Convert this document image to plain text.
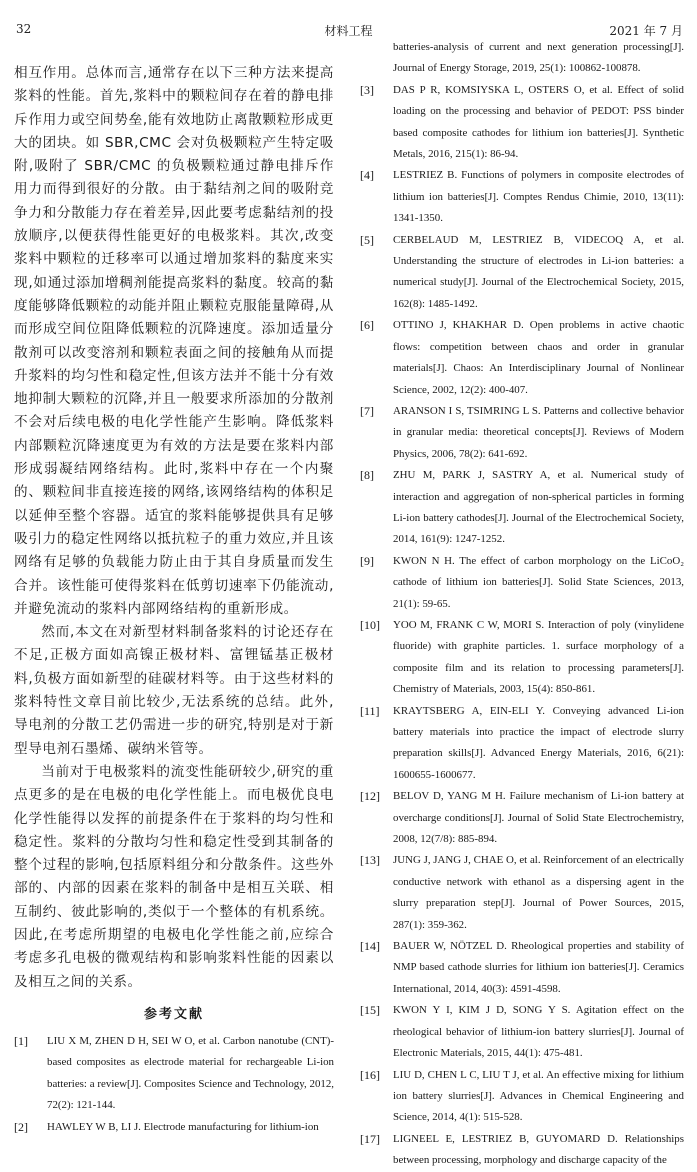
32	材料工程	2021 年 7 月

相互作用。总体而言,通常存在以下三种方法来提高浆料的性能。首先,浆料中的颗粒间存在着的静电排斥作用力或空间势垒,能有效地防止离散颗粒形成更大的团块。如 SBR,CMC 会对负极颗粒产生特定吸附,吸附了 SBR/CMC 的负极颗粒通过静电排斥作用力而得到很好的分散。由于黏结剂之间的吸附竞争力和分散能力存在着差异,因此要考虑黏结剂的投放顺序,以便获得性能更好的电极浆料。其次,改变浆料中颗粒的迁移率可以通过增加浆料的黏度来实现,如通过添加增稠剂能提高浆料的黏度。较高的黏度能够降低颗粒的动能并阻止颗粒克服能量障碍,从而形成空间位阻降低颗粒的沉降速度。添加适量分散剂可以改变溶剂和颗粒表面之间的接触角从而提升浆料的均匀性和稳定性,但该方法并不能十分有效地抑制大颗粒的沉降,并且一般要求所添加的分散剂不会对后续电极的电化学性能产生影响。降低浆料内部颗粒沉降速度更为有效的方法是要在浆料内部形成弱凝结网络结构。此时,浆料中存在一个内聚的、颗粒间非直接连接的网络,该网络结构的体积足以延伸至整个容器。适宜的浆料能够提供具有足够吸引力的稳定性网络以抵抗粒子的重力效应,并且该网络有足够的负载能力防止由于其自身质量而发生合并。该性能可使得浆料在低剪切速率下仍能流动,并避免流动的浆料内部网络结构的重新形成。

然而,本文在对新型材料制备浆料的讨论还存在不足,正极方面如高镍正极材料、富锂锰基正极材料,负极方面如新型的硅碳材料等。由于这些材料的浆料特性文章目前比较少,无法系统的总结。此外,导电剂的分散工艺仍需进一步的研究,特别是对于新型导电剂石墨烯、碳纳米管等。

当前对于电极浆料的流变性能研较少,研究的重点更多的是在电极的电化学性能上。而电极优良电化学性能得以发挥的前提条件在于浆料的均匀性和稳定性。浆料的分散均匀性和稳定性受到其制备的整个过程的影响,包括原料组分和分散条件。这些外部的、内部的因素在浆料的制备中是相互关联、相互制约、彼此影响的,类似于一个整体的有机系统。因此,在考虑所期望的电极电化学性能之前,应综合考虑多孔电极的微观结构和影响浆料性能的因素以及相互之间的关系。

参考文献
[1] LIU X M, ZHEN D H, SEI W O, et al. Carbon nanotube (CNT)-based composites as electrode material for rechargeable Li-ion batteries: a review[J]. Composites Science and Technology, 2012, 72(2): 121-144.
[2] HAWLEY W B, LI J. Electrode manufacturing for lithium-ion
batteries-analysis of current and next generation processing[J]. Journal of Energy Storage, 2019, 25(1): 100862-100878.
[3] DAS P R, KOMSIYSKA L, OSTERS O, et al. Effect of solid loading on the processing and behavior of PEDOT: PSS binder based composite cathodes for lithium ion batteries[J]. Synthetic Metals, 2016, 215(1): 86-94.
[4] LESTRIEZ B. Functions of polymers in composite electrodes of lithium ion batteries[J]. Comptes Rendus Chimie, 2010, 13(11): 1341-1350.
[5] CERBELAUD M, LESTRIEZ B, VIDECOQ A, et al. Understanding the structure of electrodes in Li-ion batteries: a numerical study[J]. Journal of the Electrochemical Society, 2015, 162(8): 1485-1492.
[6] OTTINO J, KHAKHAR D. Open problems in active chaotic flows: competition between chaos and order in granular materials[J]. Chaos: An Interdisciplinary Journal of Nonlinear Science, 2002, 12(2): 400-407.
[7] ARANSON I S, TSIMRING L S. Patterns and collective behavior in granular media: theoretical concepts[J]. Reviews of Modern Physics, 2006, 78(2): 641-692.
[8] ZHU M, PARK J, SASTRY A, et al. Numerical study of interaction and aggregation of non-spherical particles in forming Li-ion battery cathodes[J]. Journal of the Electrochemical Society, 2014, 161(9): 1247-1252.
[9] KWON N H. The effect of carbon morphology on the LiCoO₂ cathode of lithium ion batteries[J]. Solid State Sciences, 2013, 21(1): 59-65.
[10] YOO M, FRANK C W, MORI S. Interaction of poly (vinylidene fluoride) with graphite particles. 1. surface morphology of a composite film and its relation to processing parameters[J]. Chemistry of Materials, 2003, 15(4): 850-861.
[11] KRAYTSBERG A, EIN-ELI Y. Conveying advanced Li-ion battery materials into practice the impact of electrode slurry preparation skills[J]. Advanced Energy Materials, 2016, 6(21): 1600655-1600677.
[12] BELOV D, YANG M H. Failure mechanism of Li-ion battery at overcharge conditions[J]. Journal of Solid State Electrochemistry, 2008, 12(7/8): 885-894.
[13] JUNG J, JANG J, CHAE O, et al. Reinforcement of an electrically conductive network with ethanol as a dispersing agent in the slurry preparation step[J]. Journal of Power Sources, 2015, 287(1): 359-362.
[14] BAUER W, NÖTZEL D. Rheological properties and stability of NMP based cathode slurries for lithium ion batteries[J]. Ceramics International, 2014, 40(3): 4591-4598.
[15] KWON Y I, KIM J D, SONG Y S. Agitation effect on the rheological behavior of lithium-ion battery slurries[J]. Journal of Electronic Materials, 2015, 44(1): 475-481.
[16] LIU D, CHEN L C, LIU T J, et al. An effective mixing for lithium ion battery slurries[J]. Advances in Chemical Engineering and Science, 2014, 4(1): 515-528.
[17] LIGNEEL E, LESTRIEZ B, GUYOMARD D. Relationships between processing, morphology and discharge capacity of the
